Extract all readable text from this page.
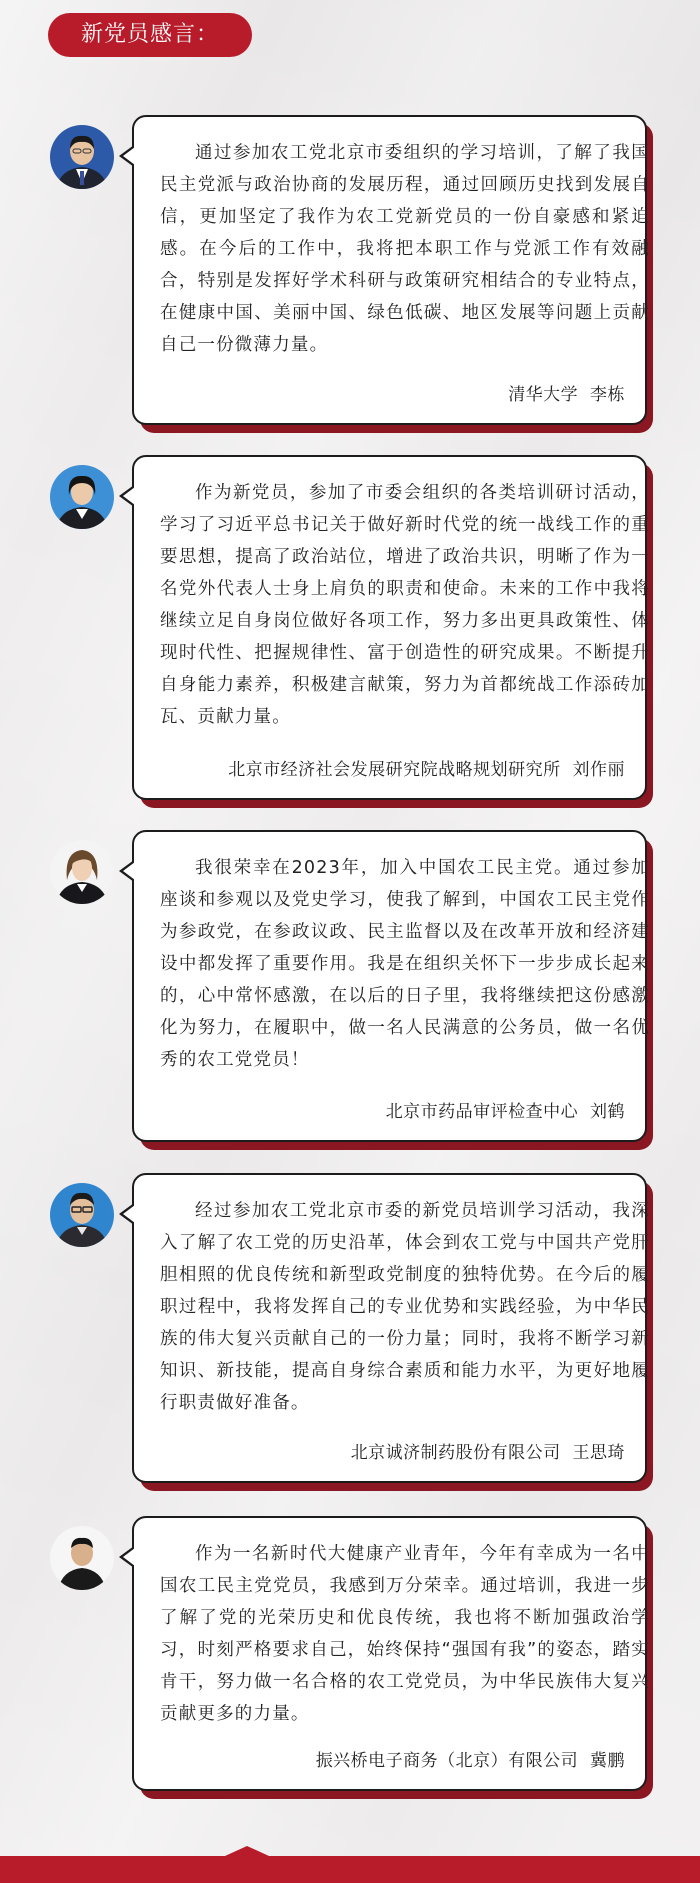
新党员感言：

通过参加农工党北京市委组织的学习培训，了解了我国民主党派与政治协商的发展历程，通过回顾历史找到发展自信，更加坚定了我作为农工党新党员的一份自豪感和紧迫感。在今后的工作中，我将把本职工作与党派工作有效融合，特别是发挥好学术科研与政策研究相结合的专业特点，在健康中国、美丽中国、绿色低碳、地区发展等问题上贡献自己一份微薄力量。

清华大学  李栋

作为新党员，参加了市委会组织的各类培训研讨活动，学习了习近平总书记关于做好新时代党的统一战线工作的重要思想，提高了政治站位，增进了政治共识，明晰了作为一名党外代表人士身上肩负的职责和使命。未来的工作中我将继续立足自身岗位做好各项工作，努力多出更具政策性、体现时代性、把握规律性、富于创造性的研究成果。不断提升自身能力素养，积极建言献策，努力为首都统战工作添砖加瓦、贡献力量。

北京市经济社会发展研究院战略规划研究所  刘作丽

我很荣幸在2023年，加入中国农工民主党。通过参加座谈和参观以及党史学习，使我了解到，中国农工民主党作为参政党，在参政议政、民主监督以及在改革开放和经济建设中都发挥了重要作用。我是在组织关怀下一步步成长起来的，心中常怀感激，在以后的日子里，我将继续把这份感激化为努力，在履职中，做一名人民满意的公务员，做一名优秀的农工党党员！

北京市药品审评检查中心  刘鹤

经过参加农工党北京市委的新党员培训学习活动，我深入了解了农工党的历史沿革，体会到农工党与中国共产党肝胆相照的优良传统和新型政党制度的独特优势。在今后的履职过程中，我将发挥自己的专业优势和实践经验，为中华民族的伟大复兴贡献自己的一份力量；同时，我将不断学习新知识、新技能，提高自身综合素质和能力水平，为更好地履行职责做好准备。

北京诚济制药股份有限公司  王思琦

作为一名新时代大健康产业青年，今年有幸成为一名中国农工民主党党员，我感到万分荣幸。通过培训，我进一步了解了党的光荣历史和优良传统，我也将不断加强政治学习，时刻严格要求自己，始终保持“强国有我”的姿态，踏实肯干，努力做一名合格的农工党党员，为中华民族伟大复兴贡献更多的力量。

振兴桥电子商务（北京）有限公司  冀鹏
